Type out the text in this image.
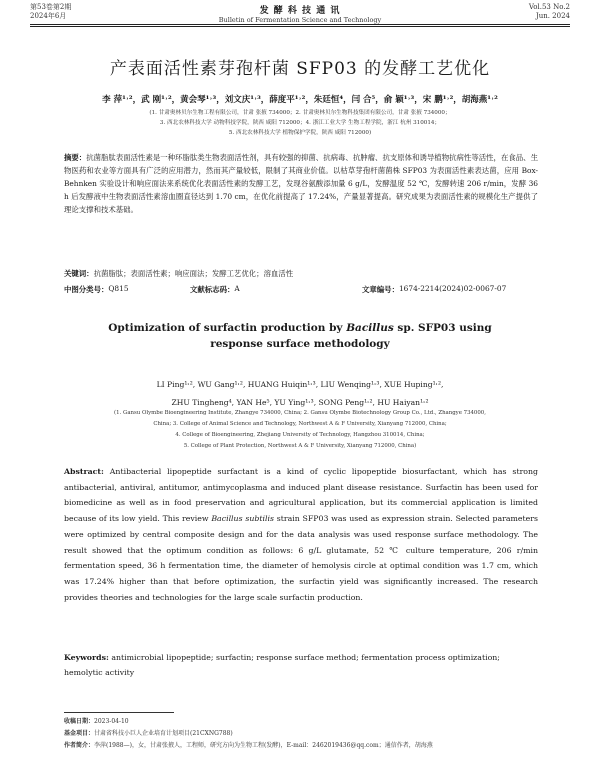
第53卷第2期
2024年6月	发 酵 科 技 通 讯
Bulletin of Fermentation Science and Technology
Vol.53 No.2
Jun. 2024
产表面活性素芽孢杆菌 SFP03 的发酵工艺优化
李 萍¹˒²，武 刚¹˒²，黄会琴¹˒³，刘文庆¹˒³，薛度平¹˒²，朱廷恒⁴，闫 合⁵，俞 颖¹˒³，宋 鹏¹˒²，胡海燕¹˒²
(1. 甘肃奥林贝尔生物工程有限公司，甘肃 张掖 734000；2. 甘肃奥林贝尔生物科技集团有限公司，甘肃 张掖 734000；
3. 西北农林科技大学 动物科技学院，陕西 咸阳 712000；4. 浙江工业大学 生物工程学院，浙江 杭州 310014；
5. 西北农林科技大学 植物保护学院，陕西 咸阳 712000)
摘要：抗菌脂肽表面活性素是一种环脂肽类生物表面活性剂，具有较强的抑菌、抗病毒、抗肿瘤、抗支原体和诱导植物抗病性等活性，在食品、生物医药和农业等方面具有广泛的应用潜力，然而其产量较低，限制了其商业价值。以枯草芽孢杆菌菌株 SFP03 为表面活性素表达菌，应用 Box-Behnken 实验设计和响应面法来系统优化表面活性素的发酵工艺，发现谷氨酸添加量 6 g/L，发酵温度 52 ℃，发酵转速 206 r/min，发酵 36 h 后发酵液中生物表面活性素溶血圈直径达到 1.70 cm，在优化前提高了 17.24%，产量显著提高。研究成果为表面活性素的规模化生产提供了理论支撑和技术基础。
关键词：抗菌脂肽；表面活性素；响应面法；发酵工艺优化；溶血活性
中图分类号： Q815	文献标志码： A	文章编号： 1674-2214(2024)02-0067-07
Optimization of surfactin production by Bacillus sp. SFP03 using
response surface methodology
LI Ping¹˒², WU Gang¹˒², HUANG Huiqin¹˒³, LIU Wenqing¹˒³, XUE Huping¹˒²,
ZHU Tingheng⁴, YAN He⁵, YU Ying¹˒³, SONG Peng¹˒², HU Haiyan¹˒²
(1. Gansu Olymbe Bioengineering Institute, Zhangye 734000, China; 2. Gansu Olymbe Biotechnology Group Co., Ltd., Zhangye 734000,
China; 3. College of Animal Science and Technology, Northwest A & F University, Xianyang 712000, China;
4. College of Bioengineering, Zhejiang University of Technology, Hangzhou 310014, China;
5. College of Plant Protection, Northwest A & F University, Xianyang 712000, China)
Abstract: Antibacterial lipopeptide surfactant is a kind of cyclic lipopeptide biosurfactant, which has strong antibacterial, antiviral, antitumor, antimycoplasma and induced plant disease resistance. Surfactin has been used for biomedicine as well as in food preservation and agricultural application, but its commercial application is limited because of its low yield. This review Bacillus subtilis strain SFP03 was used as expression strain. Selected parameters were optimized by central composite design and for the data analysis was used response surface methodology. The result showed that the optimum condition as follows: 6 g/L glutamate, 52 ℃ culture temperature, 206 r/min fermentation speed, 36 h fermentation time, the diameter of hemolysis circle at optimal condition was 1.7 cm, which was 17.24% higher than that before optimization, the surfactin yield was significantly increased. The research provides theories and technologies for the large scale surfactin production.
Keywords: antimicrobial lipopeptide; surfactin; response surface method; fermentation process optimization; hemolytic activity
收稿日期：2023-04-10
基金项目：甘肃省科技小巨人企业培育计划项目(21CXNG788)
作者简介：李萍(1988—)，女，甘肃张掖人，工程师，研究方向为生物工程(发酵)，E-mail：2462019436@qq.com；通信作者，胡海燕
